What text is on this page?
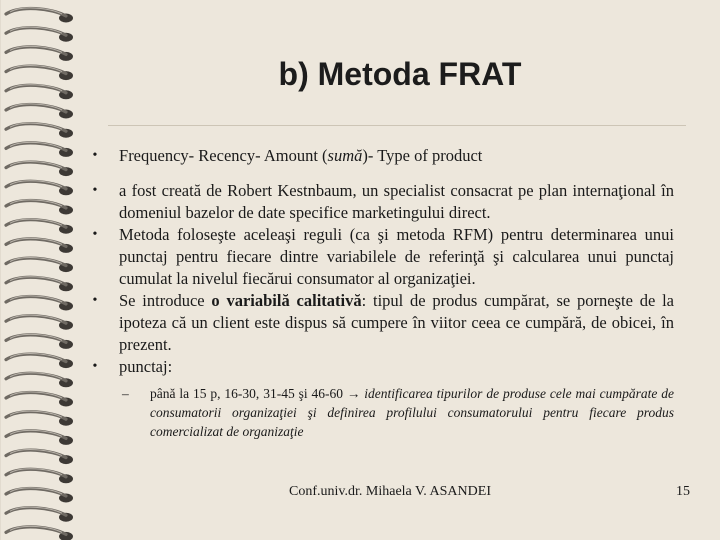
b) Metoda FRAT
• Frequency- Recency- Amount (sumă)- Type of product
• a fost creată de Robert Kestnbaum, un specialist consacrat pe plan internaţional în domeniul bazelor de date specifice marketingului direct.
• Metoda foloseşte aceleaşi reguli (ca şi metoda RFM) pentru determinarea unui punctaj pentru fiecare dintre variabilele de referinţă şi calcularea unui punctaj cumulat la nivelul fiecărui consumator al organizaţiei.
• Se introduce o variabilă calitativă: tipul de produs cumpărat, se porneşte de la ipoteza că un client este dispus să cumpere în viitor ceea ce cumpără, de obicei, în prezent.
• punctaj:
– până la 15 p, 16-30, 31-45 şi 46-60 → identificarea tipurilor de produse cele mai cumpărate de consumatorii organizaţiei şi definirea profilului consumatorului pentru fiecare produs comercializat de organizaţie
Conf.univ.dr. Mihaela V. ASANDEI	15
